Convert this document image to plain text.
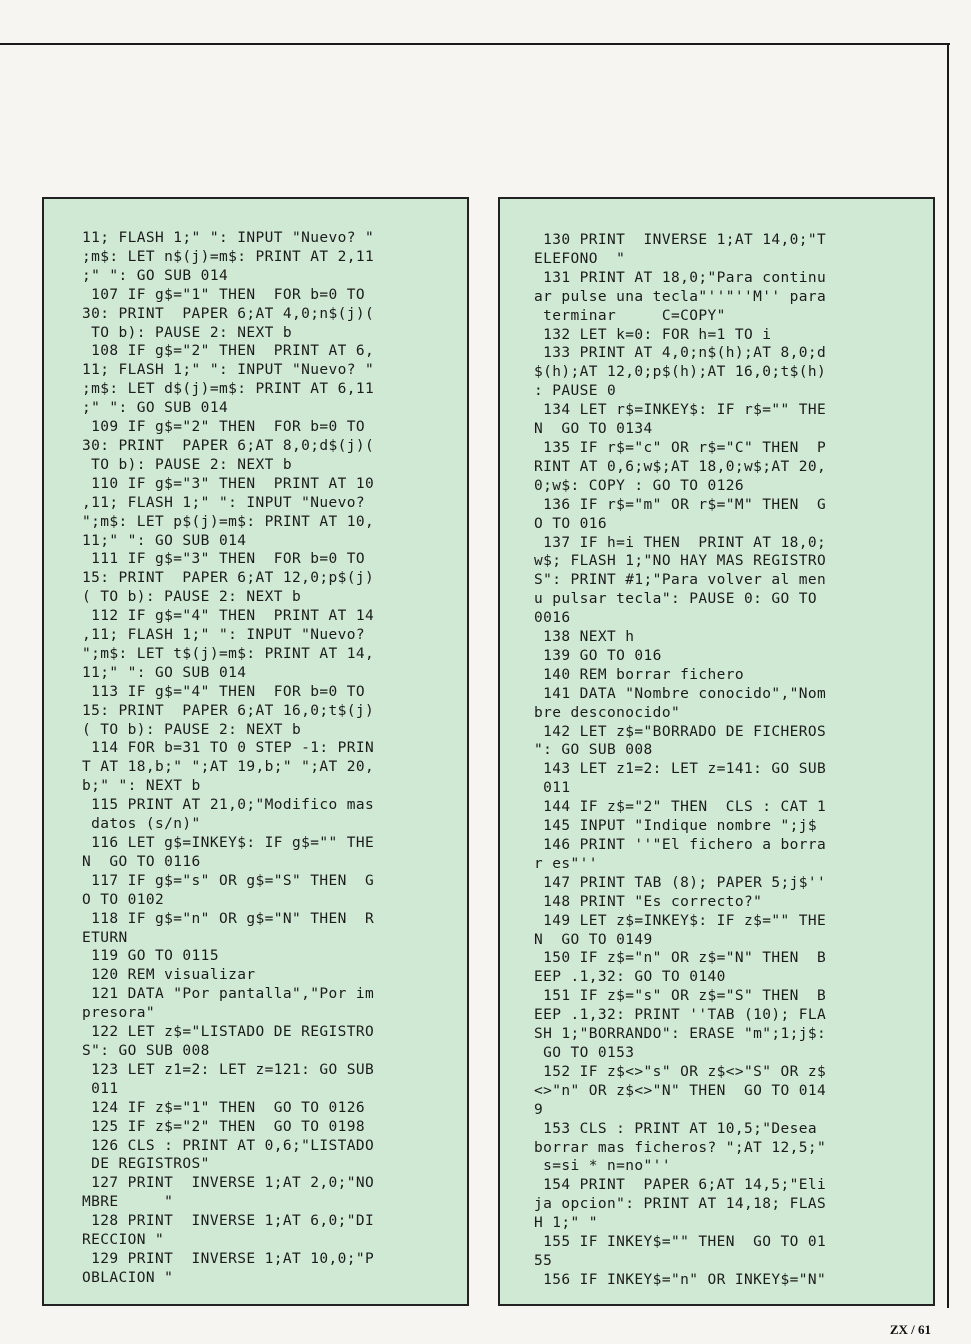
11; FLASH 1;" ": INPUT "Nuevo? "

;m$: LET n$(j)=m$: PRINT AT 2,11

;" ": GO SUB 014

107 IF g$="1" THEN  FOR b=0 TO

30: PRINT  PAPER 6;AT 4,0;n$(j)(

TO b): PAUSE 2: NEXT b

108 IF g$="2" THEN  PRINT AT 6,

11; FLASH 1;" ": INPUT "Nuevo? "

;m$: LET d$(j)=m$: PRINT AT 6,11

;" ": GO SUB 014

109 IF g$="2" THEN  FOR b=0 TO

30: PRINT  PAPER 6;AT 8,0;d$(j)(

TO b): PAUSE 2: NEXT b

110 IF g$="3" THEN  PRINT AT 10

,11; FLASH 1;" ": INPUT "Nuevo?

";m$: LET p$(j)=m$: PRINT AT 10,

11;" ": GO SUB 014

111 IF g$="3" THEN  FOR b=0 TO

15: PRINT  PAPER 6;AT 12,0;p$(j)

( TO b): PAUSE 2: NEXT b

112 IF g$="4" THEN  PRINT AT 14

,11; FLASH 1;" ": INPUT "Nuevo?

";m$: LET t$(j)=m$: PRINT AT 14,

11;" ": GO SUB 014

113 IF g$="4" THEN  FOR b=0 TO

15: PRINT  PAPER 6;AT 16,0;t$(j)

( TO b): PAUSE 2: NEXT b

114 FOR b=31 TO 0 STEP -1: PRIN

T AT 18,b;" ";AT 19,b;" ";AT 20,

b;" ": NEXT b

115 PRINT AT 21,0;"Modifico mas

datos (s/n)"

116 LET g$=INKEY$: IF g$="" THE

N  GO TO 0116

117 IF g$="s" OR g$="S" THEN  G

O TO 0102

118 IF g$="n" OR g$="N" THEN  R

ETURN

119 GO TO 0115

120 REM visualizar

121 DATA "Por pantalla","Por im

presora"

122 LET z$="LISTADO DE REGISTRO

S": GO SUB 008

123 LET z1=2: LET z=121: GO SUB

011

124 IF z$="1" THEN  GO TO 0126

125 IF z$="2" THEN  GO TO 0198

126 CLS : PRINT AT 0,6;"LISTADO

DE REGISTROS"

127 PRINT  INVERSE 1;AT 2,0;"NO

MBRE     "

128 PRINT  INVERSE 1;AT 6,0;"DI

RECCION "

129 PRINT  INVERSE 1;AT 10,0;"P

OBLACION "

130 PRINT  INVERSE 1;AT 14,0;"T

ELEFONO  "

131 PRINT AT 18,0;"Para continu

ar pulse una tecla"''"''M'' para

terminar     C=COPY"

132 LET k=0: FOR h=1 TO i

133 PRINT AT 4,0;n$(h);AT 8,0;d

$(h);AT 12,0;p$(h);AT 16,0;t$(h)

: PAUSE 0

134 LET r$=INKEY$: IF r$="" THE

N  GO TO 0134

135 IF r$="c" OR r$="C" THEN  P

RINT AT 0,6;w$;AT 18,0;w$;AT 20,

0;w$: COPY : GO TO 0126

136 IF r$="m" OR r$="M" THEN  G

O TO 016

137 IF h=i THEN  PRINT AT 18,0;

w$; FLASH 1;"NO HAY MAS REGISTRO

S": PRINT #1;"Para volver al men

u pulsar tecla": PAUSE 0: GO TO

0016

138 NEXT h

139 GO TO 016

140 REM borrar fichero

141 DATA "Nombre conocido","Nom

bre desconocido"

142 LET z$="BORRADO DE FICHEROS

": GO SUB 008

143 LET z1=2: LET z=141: GO SUB

011

144 IF z$="2" THEN  CLS : CAT 1

145 INPUT "Indique nombre ";j$

146 PRINT ''"El fichero a borra

r es"''

147 PRINT TAB (8); PAPER 5;j$''

148 PRINT "Es correcto?"

149 LET z$=INKEY$: IF z$="" THE

N  GO TO 0149

150 IF z$="n" OR z$="N" THEN  B

EEP .1,32: GO TO 0140

151 IF z$="s" OR z$="S" THEN  B

EEP .1,32: PRINT ''TAB (10); FLA

SH 1;"BORRANDO": ERASE "m";1;j$:

GO TO 0153

152 IF z$<>"s" OR z$<>"S" OR z$

<>"n" OR z$<>"N" THEN  GO TO 014

9

153 CLS : PRINT AT 10,5;"Desea

borrar mas ficheros? ";AT 12,5;"

s=si * n=no"''

154 PRINT  PAPER 6;AT 14,5;"Eli

ja opcion": PRINT AT 14,18; FLAS

H 1;" "

155 IF INKEY$="" THEN  GO TO 01

55

156 IF INKEY$="n" OR INKEY$="N"

ZX / 61
